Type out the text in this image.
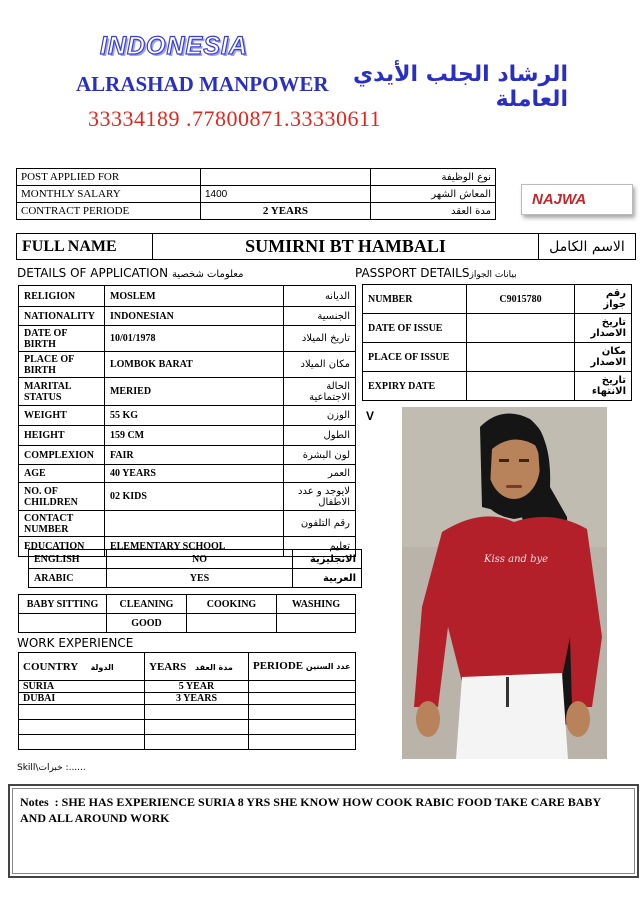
INDONESIA
ALRASHAD MANPOWER	الرشاد الجلب الأيدي العاملة
33334189 .77800871.33330611
POST APPLIED FOR		نوع الوظيفة
MONTHLY SALARY	1400	المعاش الشهر
CONTRACT PERIODE	2 YEARS	مدة العقد
NAJWA
FULL NAME	SUMIRNI BT HAMBALI	الاسم الكامل
DETAILS OF APPLICATION معلومات شخصية	PASSPORT DETAILSبيانات الجواز
RELIGION	MOSLEM	الديانه
NATIONALITY	INDONESIAN	الجنسية
DATE OF BIRTH	10/01/1978	تاريخ الميلاد
PLACE OF BIRTH	LOMBOK BARAT	مكان الميلاد
MARITAL STATUS	MERIED	الحالة الاجتماعية
WEIGHT	55 KG	الوزن
HEIGHT	159 CM	الطول
COMPLEXION	FAIR	لون البشرة
AGE	40 YEARS	العمر
NO. OF CHILDREN	02 KIDS	لايوجد و عدد الاطفال
CONTACT NUMBER		رقم التلفون
EDUCATION	ELEMENTARY SCHOOL	تعليم
ENGLISH	NO	الانجليزية
ARABIC	YES	العربية
BABY SITTING	CLEANING	COOKING	WASHING
	GOOD		
WORK EXPERIENCE
COUNTRY الدولة	YEARS مدة العقد	PERIODE عدد السنين
SURIA	5 YEAR	
DUBAI	3 YEARS	

Skill\خبرات :......
NUMBER	C9015780	رقم جواز
DATE OF ISSUE		تاريخ الاصدار
PLACE OF ISSUE		مكان الاصدار
EXPIRY DATE		تاريخ الانتهاء
V
Kiss and bye
Notes  : SHE HAS EXPERIENCE SURIA 8 YRS SHE KNOW HOW COOK RABIC FOOD TAKE CARE BABY AND ALL AROUND WORK
